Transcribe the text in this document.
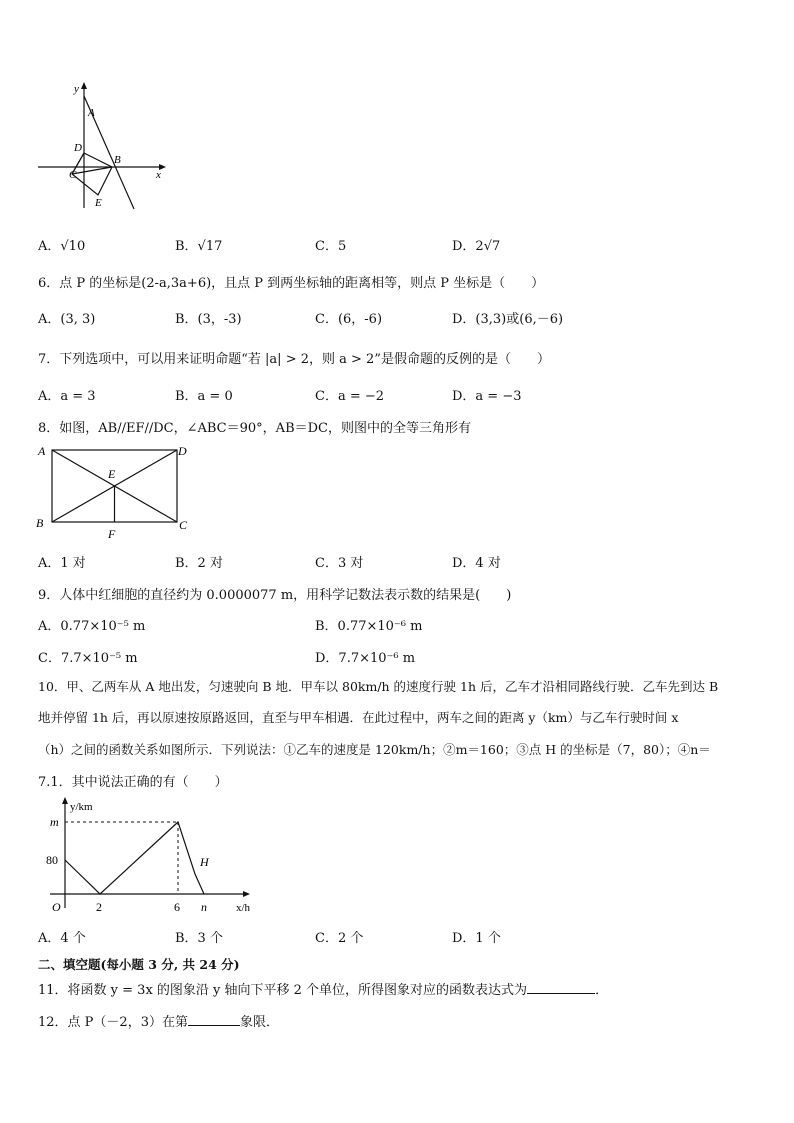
y
x
A
B
C
D
E
A．√10	B．√17	C．5	D．2√7
6．点 P 的坐标是(2-a,3a+6)，且点 P 到两坐标轴的距离相等，则点 P 坐标是（　　）
A．(3, 3)	B．(3，-3)	C．(6，-6)	D．(3,3)或(6,－6)
7．下列选项中，可以用来证明命题“若 |a| > 2，则 a > 2”是假命题的反例的是（　　）
A．a = 3	B．a = 0	C．a = −2	D．a = −3
8．如图，AB//EF//DC，∠ABC＝90°，AB＝DC，则图中的全等三角形有
A
B	C
D
E
F
A．1 对	B．2 对	C．3 对	D．4 对
9．人体中红细胞的直径约为 0.0000077 m，用科学记数法表示数的结果是(　　)
A．0.77×10⁻⁵ m	B．0.77×10⁻⁶ m
C．7.7×10⁻⁵ m	D．7.7×10⁻⁶ m
10．甲、乙两车从 A 地出发，匀速驶向 B 地．甲车以 80km/h 的速度行驶 1h 后，乙车才沿相同路线行驶．乙车先到达 B
地并停留 1h 后，再以原速按原路返回，直至与甲车相遇．在此过程中，两车之间的距离 y（km）与乙车行驶时间 x
（h）之间的函数关系如图所示．下列说法：①乙车的速度是 120km/h；②m＝160；③点 H 的坐标是（7，80）；④n＝
7.1．其中说法正确的有（　　）
y/km
x/h
m
80
O	2	6 n
H
A．4 个	B．3 个	C．2 个	D．1 个
二、填空题(每小题 3 分, 共 24 分)
11．将函数 y = 3x 的图象沿 y 轴向下平移 2 个单位，所得图象对应的函数表达式为	．
12．点 P（－2，3）在第	象限．
